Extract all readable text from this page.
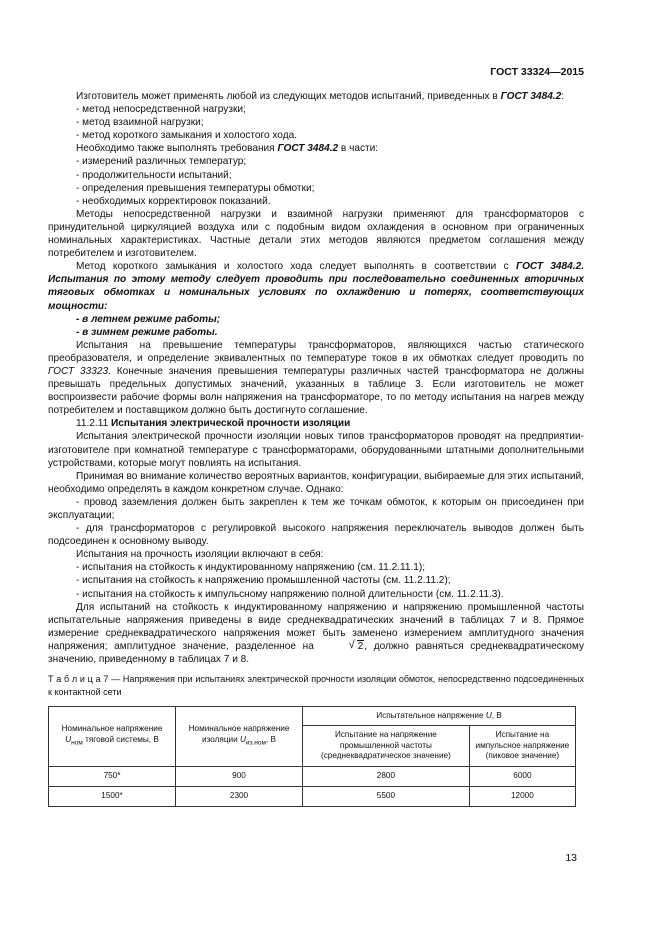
ГОСТ 33324—2015

Изготовитель может применять любой из следующих методов испытаний, приведенных в ГОСТ 3484.2:

- метод непосредственной нагрузки;

- метод взаимной нагрузки;

- метод короткого замыкания и холостого хода.

Необходимо также выполнять требования ГОСТ 3484.2 в части:

- измерений различных температур;

- продолжительности испытаний;

- определения превышения температуры обмотки;

- необходимых корректировок показаний.

Методы непосредственной нагрузки и взаимной нагрузки применяют для трансформаторов с принудительной циркуляцией воздуха или с подобным видом охлаждения в основном при ограниченных номинальных характеристиках. Частные детали этих методов являются предметом соглашения между потребителем и изготовителем.

Метод короткого замыкания и холостого хода следует выполнять в соответствии с ГОСТ 3484.2. Испытания по этому методу следует проводить при последовательно соединенных вторичных тяговых обмотках и номинальных условиях по охлаждению и потерях, соответствующих мощности:

- в летнем режиме работы;

- в зимнем режиме работы.

Испытания на превышение температуры трансформаторов, являющихся частью статического преобразователя, и определение эквивалентных по температуре токов в их обмотках следует проводить по ГОСТ 33323. Конечные значения превышения температуры различных частей трансформатора не должны превышать предельных допустимых значений, указанных в таблице 3. Если изготовитель не может воспроизвести рабочие формы волн напряжения на трансформаторе, то по методу испытания на нагрев между потребителем и поставщиком должно быть достигнуто соглашение.

11.2.11 Испытания электрической прочности изоляции

Испытания электрической прочности изоляции новых типов трансформаторов проводят на предприятии-изготовителе при комнатной температуре с трансформаторами, оборудованными штатными дополнительными устройствами, которые могут повлиять на испытания.

Принимая во внимание количество вероятных вариантов, конфигурации, выбираемые для этих испытаний, необходимо определять в каждом конкретном случае. Однако:

- провод заземления должен быть закреплен к тем же точкам обмоток, к которым он присоединен при эксплуатации;

- для трансформаторов с регулировкой высокого напряжения переключатель выводов должен быть подсоединен к основному выводу.

Испытания на прочность изоляции включают в себя:

- испытания на стойкость к индуктированному напряжению (см. 11.2.11.1);

- испытания на стойкость к напряжению промышленной частоты (см. 11.2.11.2);

- испытания на стойкость к импульсному напряжению полной длительности (см. 11.2.11.3).

Для испытаний на стойкость к индуктированному напряжению и напряжению промышленной частоты испытательные напряжения приведены в виде среднеквадратических значений в таблицах 7 и 8. Прямое измерение среднеквадратического напряжения может быть заменено измерением амплитудного значения напряжения; амплитудное значение, разделенное на	√ 2, должно равняться среднеквадратическому значению, приведенному в таблицах 7 и 8.

Т а б л и ц а 7 — Напряжения при испытаниях электрической прочности изоляции обмоток, непосредственно подсоединенных к контактной сети

Номинальное напряжение $U_{ном}$ тяговой системы, В	Номинальное напряжение изоляции $U_{из.ном}$, В	Испытательное напряжение U, В	
		Испытание на напряжение промышленной частоты (среднеквадратическое значение)	Испытание на импульсное напряжение (пиковое значение)
750*	900	2800	6000
1500*	2300	5500	12000
13
